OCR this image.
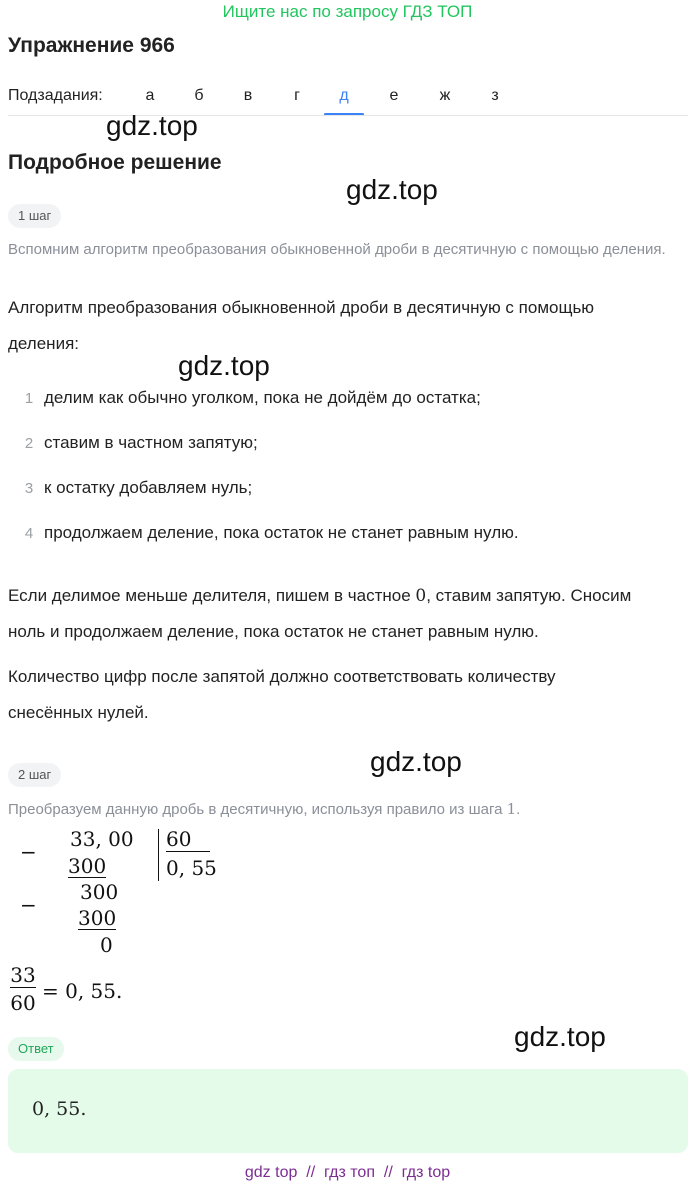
Ищите нас по запросу ГДЗ ТОП
Упражнение 966
Подзадания:	а	б	в	г	д	е	ж	з
gdz.top
gdz.top
gdz.top
gdz.top
gdz.top
Подробное решение
1 шаг
Вспомним алгоритм преобразования обыкновенной дроби в десятичную с помощью деления.
Алгоритм преобразования обыкновенной дроби в десятичную с помощью
деления:
1 делим как обычно уголком, пока не дойдём до остатка;
2 ставим в частном запятую;
3 к остатку добавляем нуль;
4 продолжаем деление, пока остаток не станет равным нулю.
Если делимое меньше делителя, пишем в частное 0, ставим запятую. Сносим
ноль и продолжаем деление, пока остаток не станет равным нулю.
Количество цифр после запятой должно соответствовать количеству
снесённых нулей.
2 шаг
Преобразуем данную дробь в десятичную, используя правило из шага 1.
−
33, 00
300
60
0, 55
−
300
300
0
33
60 = 0, 55.
Ответ
0, 55.
gdz top  //  гдз топ  //  гдз top
